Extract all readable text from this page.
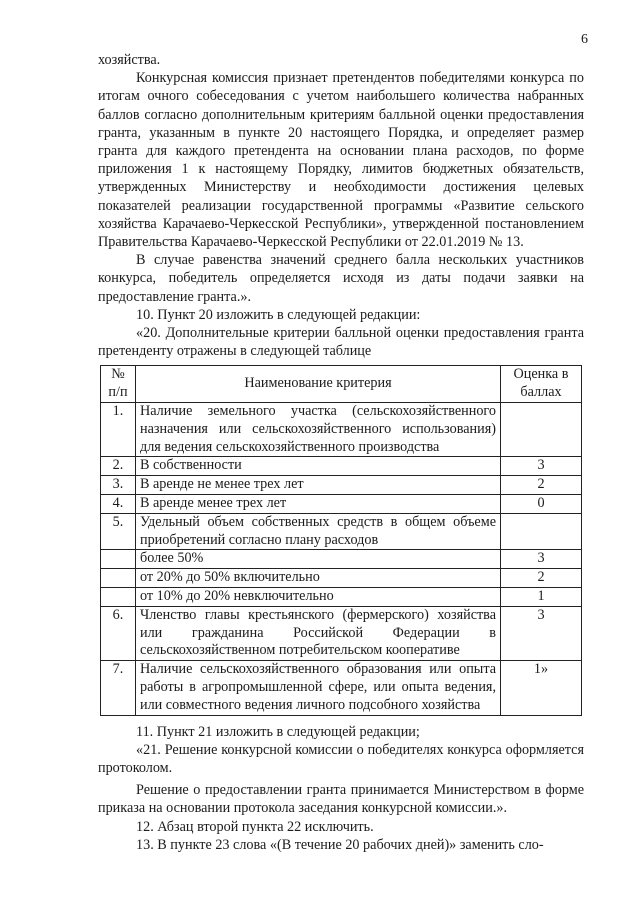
6

хозяйства.

Конкурсная комиссия признает претендентов победителями конкурса по итогам очного собеседования с учетом наибольшего количества набранных баллов согласно дополнительным критериям балльной оценки предоставления гранта, указанным в пункте 20 настоящего Порядка, и определяет размер гранта для каждого претендента на основании плана расходов, по форме приложения 1 к настоящему Порядку, лимитов бюджетных обязательств, утвержденных Министерству и необходимости достижения целевых показателей реализации государственной программы «Развитие сельского хозяйства Карачаево-Черкесской Республики», утвержденной постановлением Правительства Карачаево-Черкесской Республики от 22.01.2019 № 13.

В случае равенства значений среднего балла нескольких участников конкурса, победитель определяется исходя из даты подачи заявки на предоставление гранта.».

10. Пункт 20 изложить в следующей редакции:

«20. Дополнительные критерии балльной оценки предоставления гранта претенденту отражены в следующей таблице

№ п/п	Наименование критерия	Оценка в баллах
1.	Наличие земельного участка (сельскохозяйственного назначения или сельскохозяйственного использования) для ведения сельскохозяйственного производства	
2.	В собственности	3
3.	В аренде не менее трех лет	2
4.	В аренде менее трех лет	0
5.	Удельный объем собственных средств в общем объеме приобретений согласно плану расходов	
	более 50%	3
	от 20% до 50% включительно	2
	от 10% до 20% невключительно	1
6.	Членство главы крестьянского (фермерского) хозяйства или гражданина Российской Федерации в сельскохозяйственном потребительском кооперативе	3
7.	Наличие сельскохозяйственного образования или опыта работы в агропромышленной сфере, или опыта ведения, или совместного ведения личного подсобного хозяйства	1»

11. Пункт 21 изложить в следующей редакции;

«21. Решение конкурсной комиссии о победителях конкурса оформляется протоколом.

Решение о предоставлении гранта принимается Министерством в форме приказа на основании протокола заседания конкурсной комиссии.».

12. Абзац второй пункта 22 исключить.

13. В пункте 23 слова «(В течение 20 рабочих дней)» заменить сло-
